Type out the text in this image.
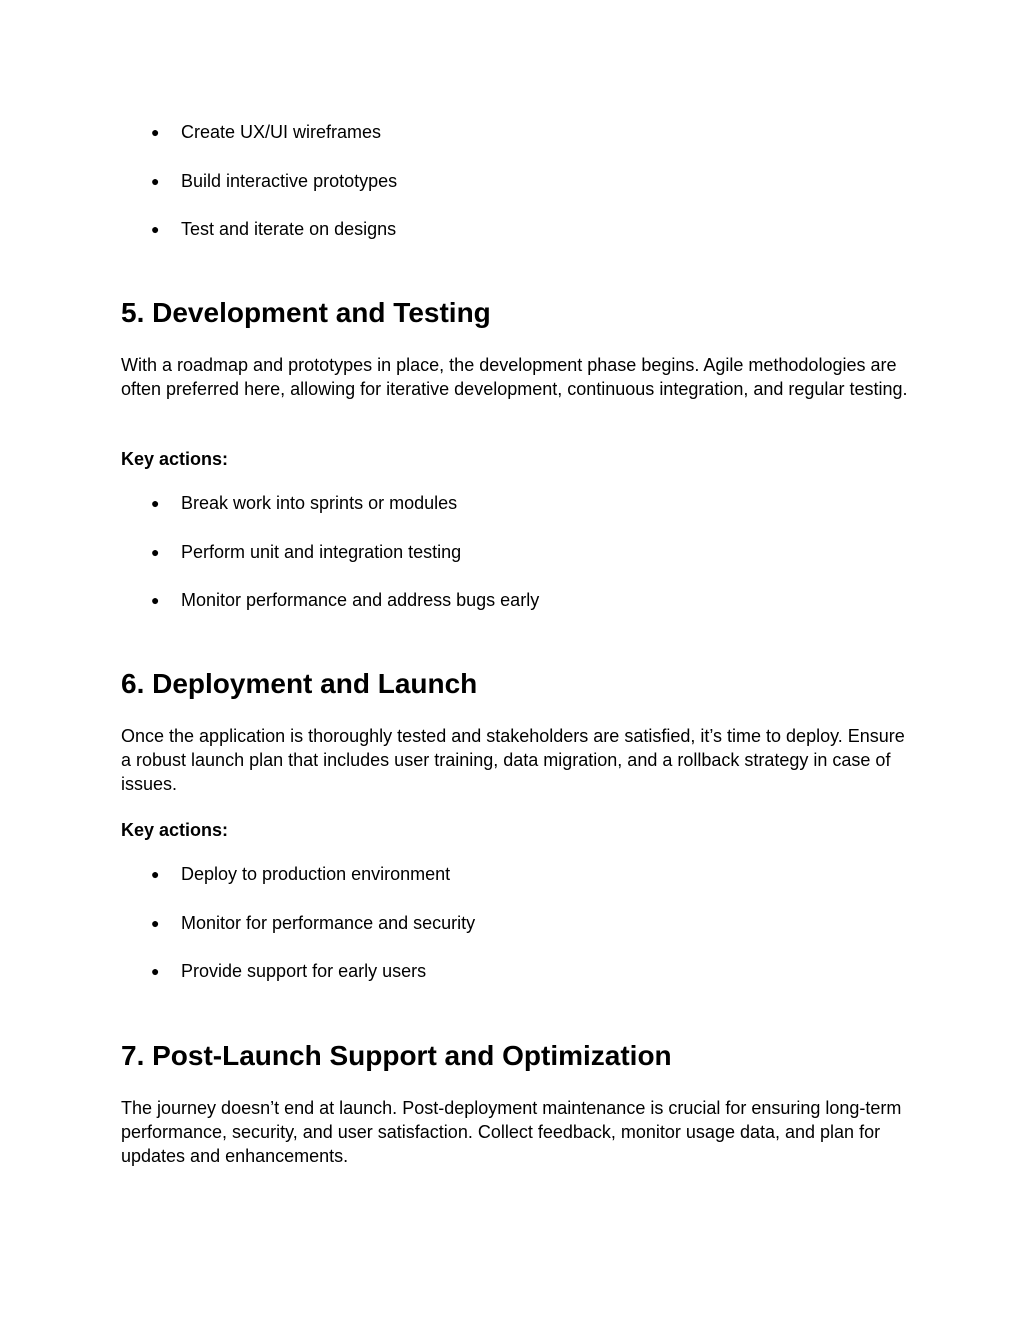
● Create UX/UI wireframes
● Build interactive prototypes
● Test and iterate on designs
5. Development and Testing

With a roadmap and prototypes in place, the development phase begins. Agile methodologies are often preferred here, allowing for iterative development, continuous integration, and regular testing.

Key actions:

● Break work into sprints or modules
● Perform unit and integration testing
● Monitor performance and address bugs early
6. Deployment and Launch

Once the application is thoroughly tested and stakeholders are satisfied, it’s time to deploy. Ensure a robust launch plan that includes user training, data migration, and a rollback strategy in case of issues.

Key actions:

● Deploy to production environment
● Monitor for performance and security
● Provide support for early users
7. Post-Launch Support and Optimization

The journey doesn’t end at launch. Post-deployment maintenance is crucial for ensuring long-term performance, security, and user satisfaction. Collect feedback, monitor usage data, and plan for updates and enhancements.
